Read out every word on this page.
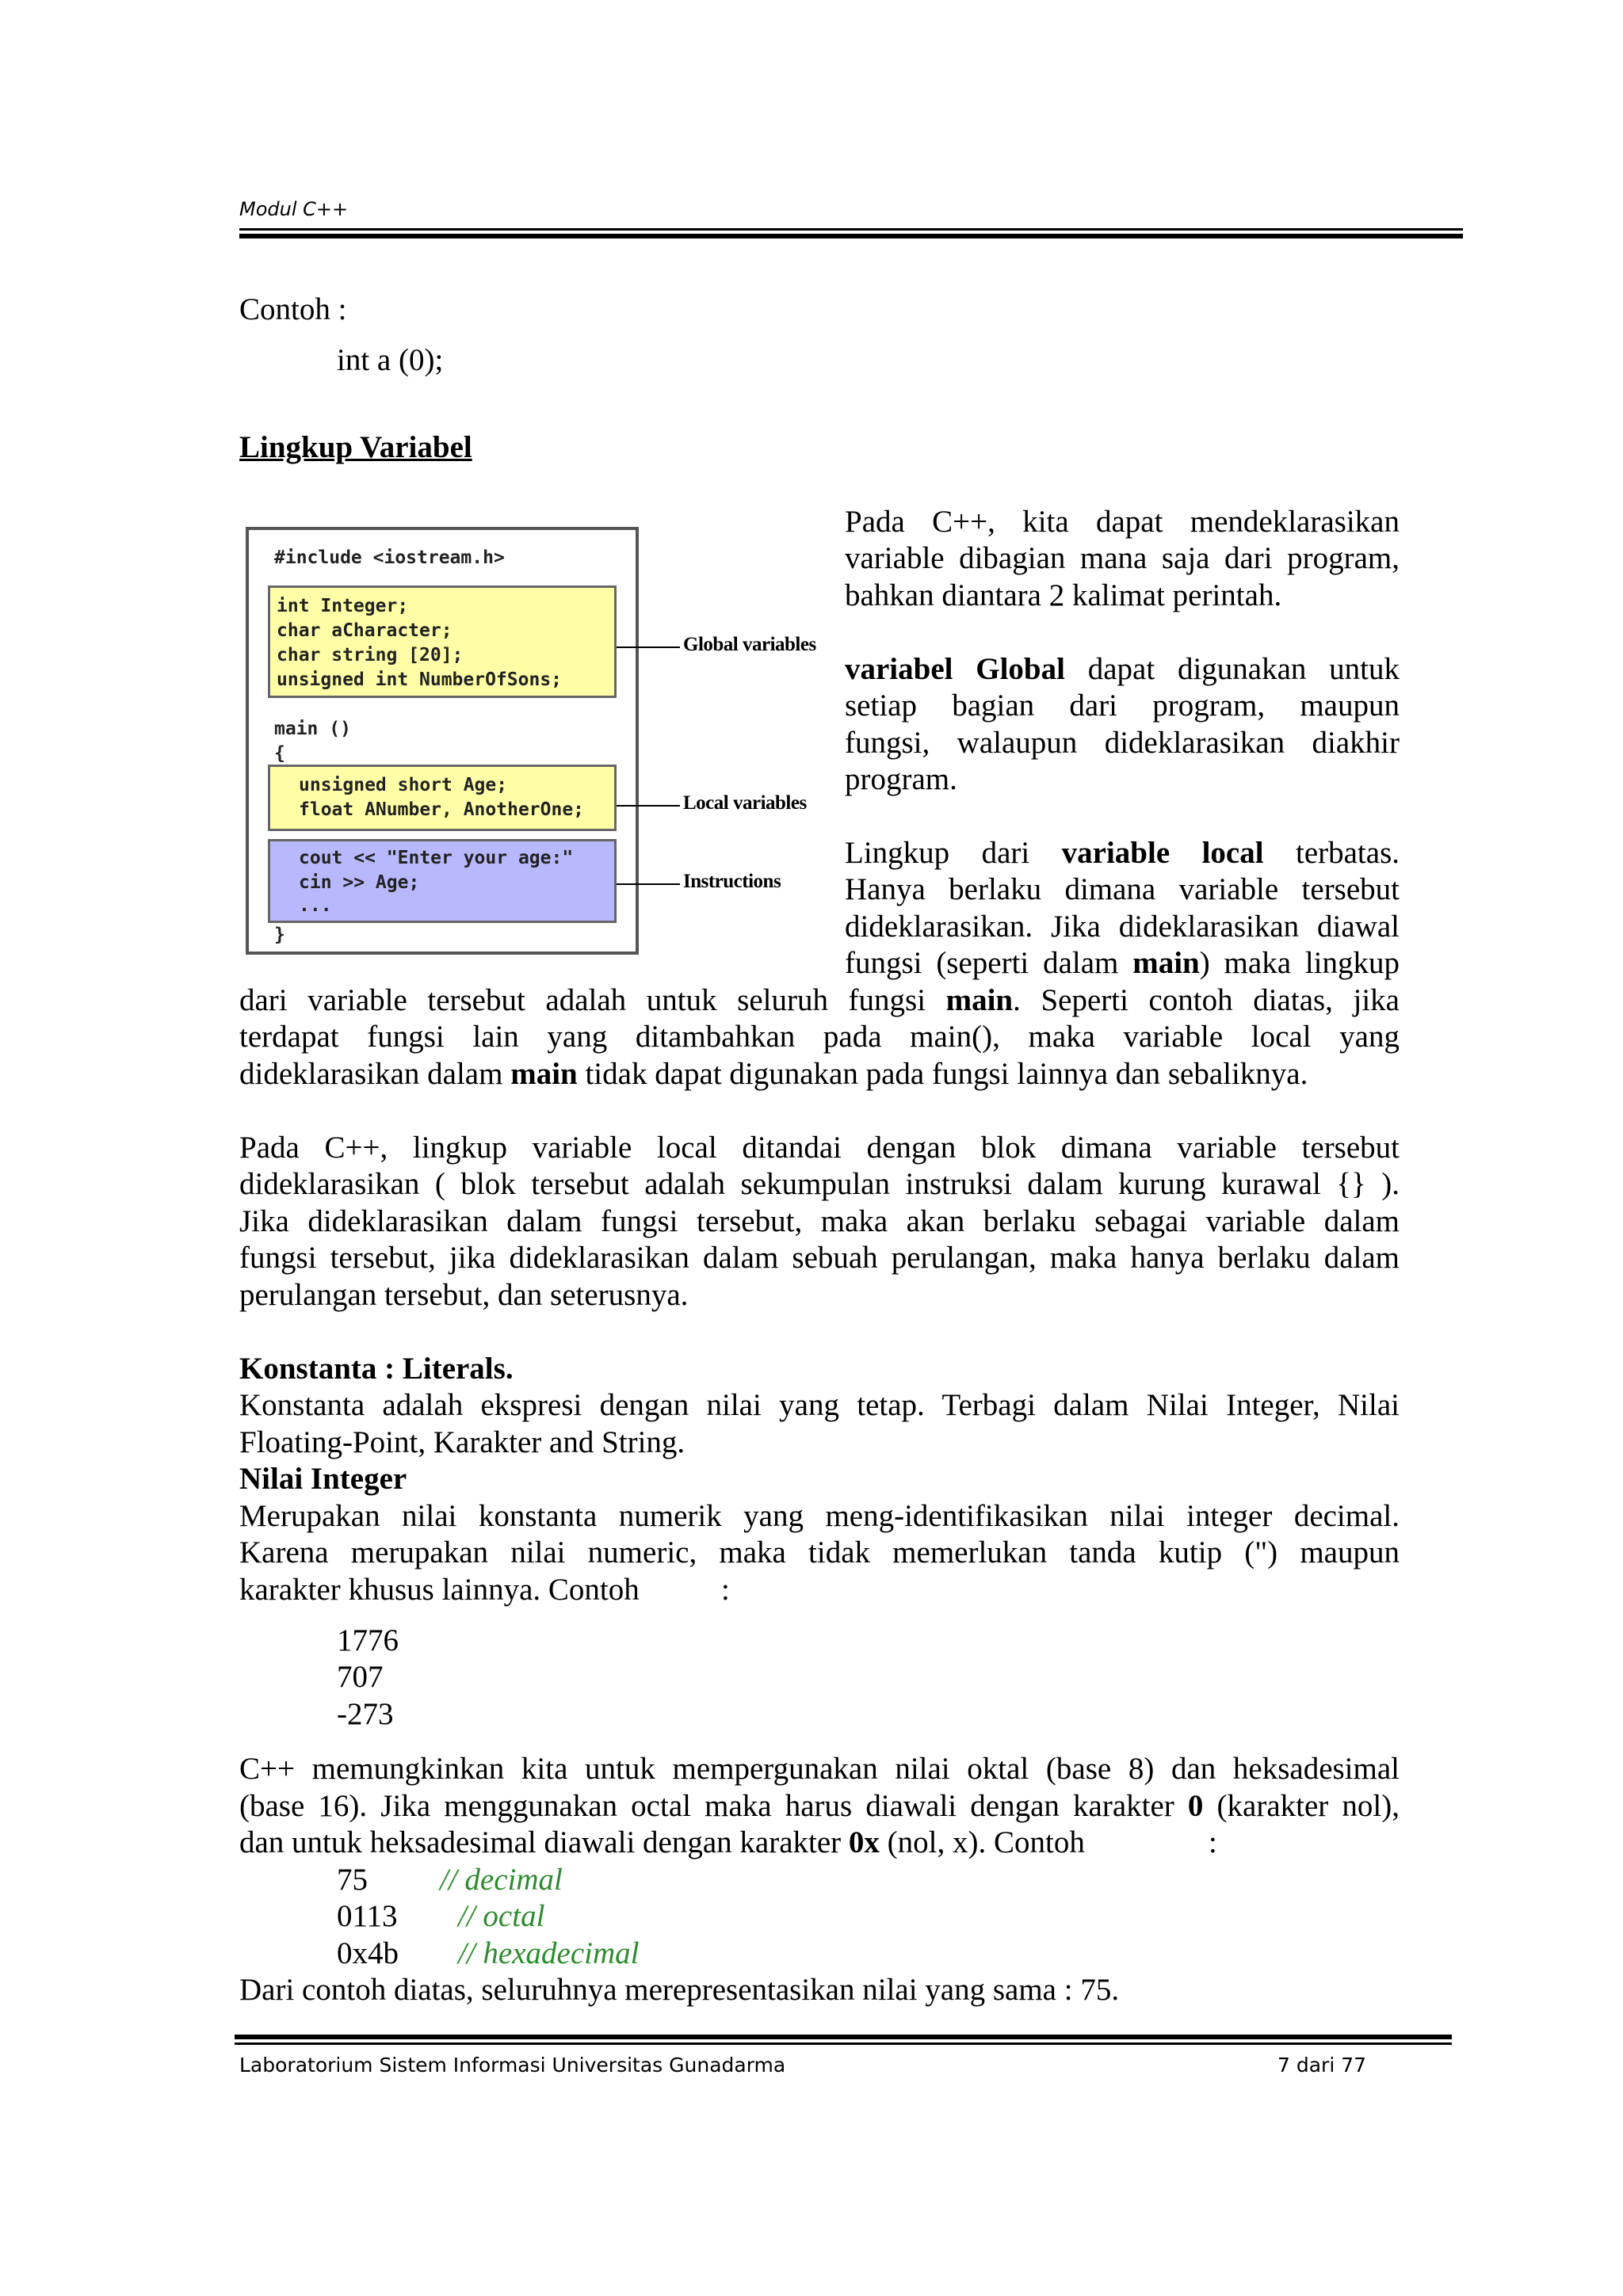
Modul C++
Contoh :
int a (0);
Lingkup Variabel
#include <iostream.h>
int Integer;
char aCharacter;
char string [20];
unsigned int NumberOfSons;
main ()
{
unsigned short Age;
float ANumber, AnotherOne;
cout << "Enter your age:"
cin >> Age;
...
}
Global variables
Local variables
Instructions
Pada C++, kita dapat mendeklarasikan
variable dibagian mana saja dari program,
bahkan diantara 2 kalimat perintah.
variabel Global dapat digunakan untuk
setiap bagian dari program, maupun
fungsi, walaupun dideklarasikan diakhir
program.
Lingkup dari variable local terbatas.
Hanya berlaku dimana variable tersebut
dideklarasikan. Jika dideklarasikan diawal
fungsi (seperti dalam main) maka lingkup
dari variable tersebut adalah untuk seluruh fungsi main. Seperti contoh diatas, jika
terdapat fungsi lain yang ditambahkan pada main(), maka variable local yang
dideklarasikan dalam main tidak dapat digunakan pada fungsi lainnya dan sebaliknya.
Pada C++, lingkup variable local ditandai dengan blok dimana variable tersebut
dideklarasikan ( blok tersebut adalah sekumpulan instruksi dalam kurung kurawal {} ).
Jika dideklarasikan dalam fungsi tersebut, maka akan berlaku sebagai variable dalam
fungsi tersebut, jika dideklarasikan dalam sebuah perulangan, maka hanya berlaku dalam
perulangan tersebut, dan seterusnya.
Konstanta : Literals.
Konstanta adalah ekspresi dengan nilai yang tetap. Terbagi dalam Nilai Integer, Nilai
Floating-Point, Karakter and String.
Nilai Integer
Merupakan nilai konstanta numerik yang meng-identifikasikan nilai integer decimal.
Karena merupakan nilai numeric, maka tidak memerlukan tanda kutip (") maupun
karakter khusus lainnya. Contoh	:
1776
707
-273
C++ memungkinkan kita untuk mempergunakan nilai oktal (base 8) dan heksadesimal
(base 16). Jika menggunakan octal maka harus diawali dengan karakter 0 (karakter nol),
dan untuk heksadesimal diawali dengan karakter 0x (nol, x). Contoh	:
75 // decimal
0113 // octal
0x4b // hexadecimal
Dari contoh diatas, seluruhnya merepresentasikan nilai yang sama : 75.
Laboratorium Sistem Informasi Universitas Gunadarma	7 dari 77
